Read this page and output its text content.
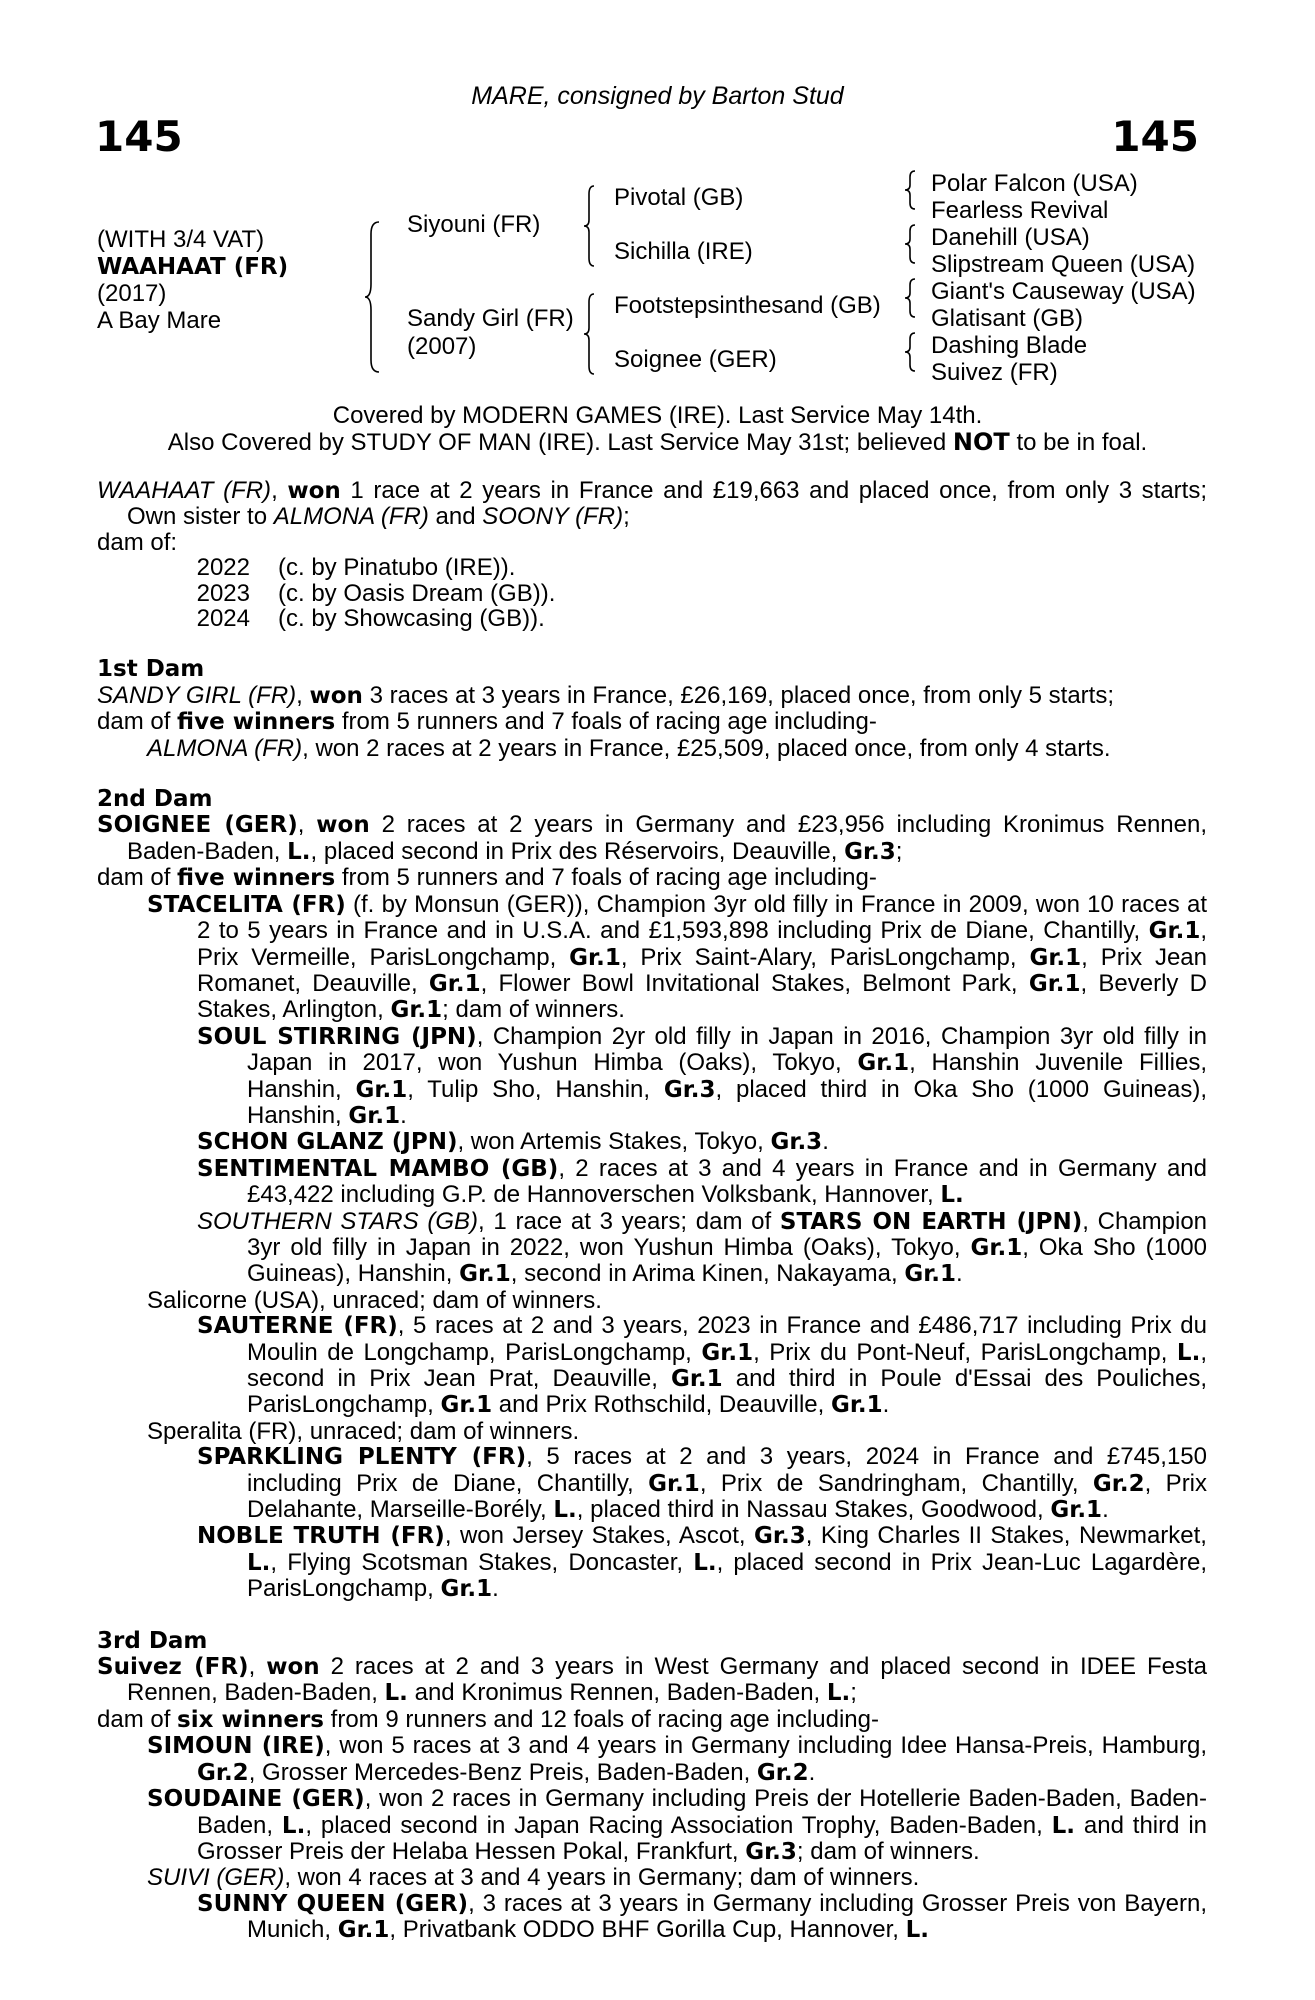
145
MARE, consigned by Barton Stud
145
(WITH 3/4 VAT)
WAAHAAT (FR)
(2017)
A Bay Mare
Siyouni (FR)
Sandy Girl (FR)
(2007)
Pivotal (GB)
Sichilla (IRE)
Footstepsinthesand (GB)
Soignee (GER)
Polar Falcon (USA)
Fearless Revival
Danehill (USA)
Slipstream Queen (USA)
Giant's Causeway (USA)
Glatisant (GB)
Dashing Blade
Suivez (FR)
Covered by MODERN GAMES (IRE). Last Service May 14th.
Also Covered by STUDY OF MAN (IRE). Last Service May 31st; believed NOT to be in foal.

WAAHAAT (FR), won 1 race at 2 years in France and £19,663 and placed once, from only 3 starts; Own sister to ALMONA (FR) and SOONY (FR);

dam of:

2022	(c. by Pinatubo (IRE)).
2023	(c. by Oasis Dream (GB)).
2024	(c. by Showcasing (GB)).

1st Dam

SANDY GIRL (FR), won 3 races at 3 years in France, £26,169, placed once, from only 5 starts;

dam of five winners from 5 runners and 7 foals of racing age including-

ALMONA (FR), won 2 races at 2 years in France, £25,509, placed once, from only 4 starts.

2nd Dam

SOIGNEE (GER), won 2 races at 2 years in Germany and £23,956 including Kronimus Rennen, Baden-Baden, L., placed second in Prix des Réservoirs, Deauville, Gr.3;

dam of five winners from 5 runners and 7 foals of racing age including-

STACELITA (FR) (f. by Monsun (GER)), Champion 3yr old filly in France in 2009, won 10 races at 2 to 5 years in France and in U.S.A. and £1,593,898 including Prix de Diane, Chantilly, Gr.1, Prix Vermeille, ParisLongchamp, Gr.1, Prix Saint-Alary, ParisLongchamp, Gr.1, Prix Jean Romanet, Deauville, Gr.1, Flower Bowl Invitational Stakes, Belmont Park, Gr.1, Beverly D Stakes, Arlington, Gr.1; dam of winners.

SOUL STIRRING (JPN), Champion 2yr old filly in Japan in 2016, Champion 3yr old filly in Japan in 2017, won Yushun Himba (Oaks), Tokyo, Gr.1, Hanshin Juvenile Fillies, Hanshin, Gr.1, Tulip Sho, Hanshin, Gr.3, placed third in Oka Sho (1000 Guineas), Hanshin, Gr.1.

SCHON GLANZ (JPN), won Artemis Stakes, Tokyo, Gr.3.

SENTIMENTAL MAMBO (GB), 2 races at 3 and 4 years in France and in Germany and £43,422 including G.P. de Hannoverschen Volksbank, Hannover, L.

SOUTHERN STARS (GB), 1 race at 3 years; dam of STARS ON EARTH (JPN), Champion 3yr old filly in Japan in 2022, won Yushun Himba (Oaks), Tokyo, Gr.1, Oka Sho (1000 Guineas), Hanshin, Gr.1, second in Arima Kinen, Nakayama, Gr.1.

Salicorne (USA), unraced; dam of winners.

SAUTERNE (FR), 5 races at 2 and 3 years, 2023 in France and £486,717 including Prix du Moulin de Longchamp, ParisLongchamp, Gr.1, Prix du Pont-Neuf, ParisLongchamp, L., second in Prix Jean Prat, Deauville, Gr.1 and third in Poule d'Essai des Pouliches, ParisLongchamp, Gr.1 and Prix Rothschild, Deauville, Gr.1.

Speralita (FR), unraced; dam of winners.

SPARKLING PLENTY (FR), 5 races at 2 and 3 years, 2024 in France and £745,150 including Prix de Diane, Chantilly, Gr.1, Prix de Sandringham, Chantilly, Gr.2, Prix Delahante, Marseille-Borély, L., placed third in Nassau Stakes, Goodwood, Gr.1.

NOBLE TRUTH (FR), won Jersey Stakes, Ascot, Gr.3, King Charles II Stakes, Newmarket, L., Flying Scotsman Stakes, Doncaster, L., placed second in Prix Jean-Luc Lagardère, ParisLongchamp, Gr.1.

3rd Dam

Suivez (FR), won 2 races at 2 and 3 years in West Germany and placed second in IDEE Festa Rennen, Baden-Baden, L. and Kronimus Rennen, Baden-Baden, L.;

dam of six winners from 9 runners and 12 foals of racing age including-

SIMOUN (IRE), won 5 races at 3 and 4 years in Germany including Idee Hansa-Preis, Hamburg, Gr.2, Grosser Mercedes-Benz Preis, Baden-Baden, Gr.2.

SOUDAINE (GER), won 2 races in Germany including Preis der Hotellerie Baden-Baden, Baden-Baden, L., placed second in Japan Racing Association Trophy, Baden-Baden, L. and third in Grosser Preis der Helaba Hessen Pokal, Frankfurt, Gr.3; dam of winners.

SUIVI (GER), won 4 races at 3 and 4 years in Germany; dam of winners.

SUNNY QUEEN (GER), 3 races at 3 years in Germany including Grosser Preis von Bayern, Munich, Gr.1, Privatbank ODDO BHF Gorilla Cup, Hannover, L.
